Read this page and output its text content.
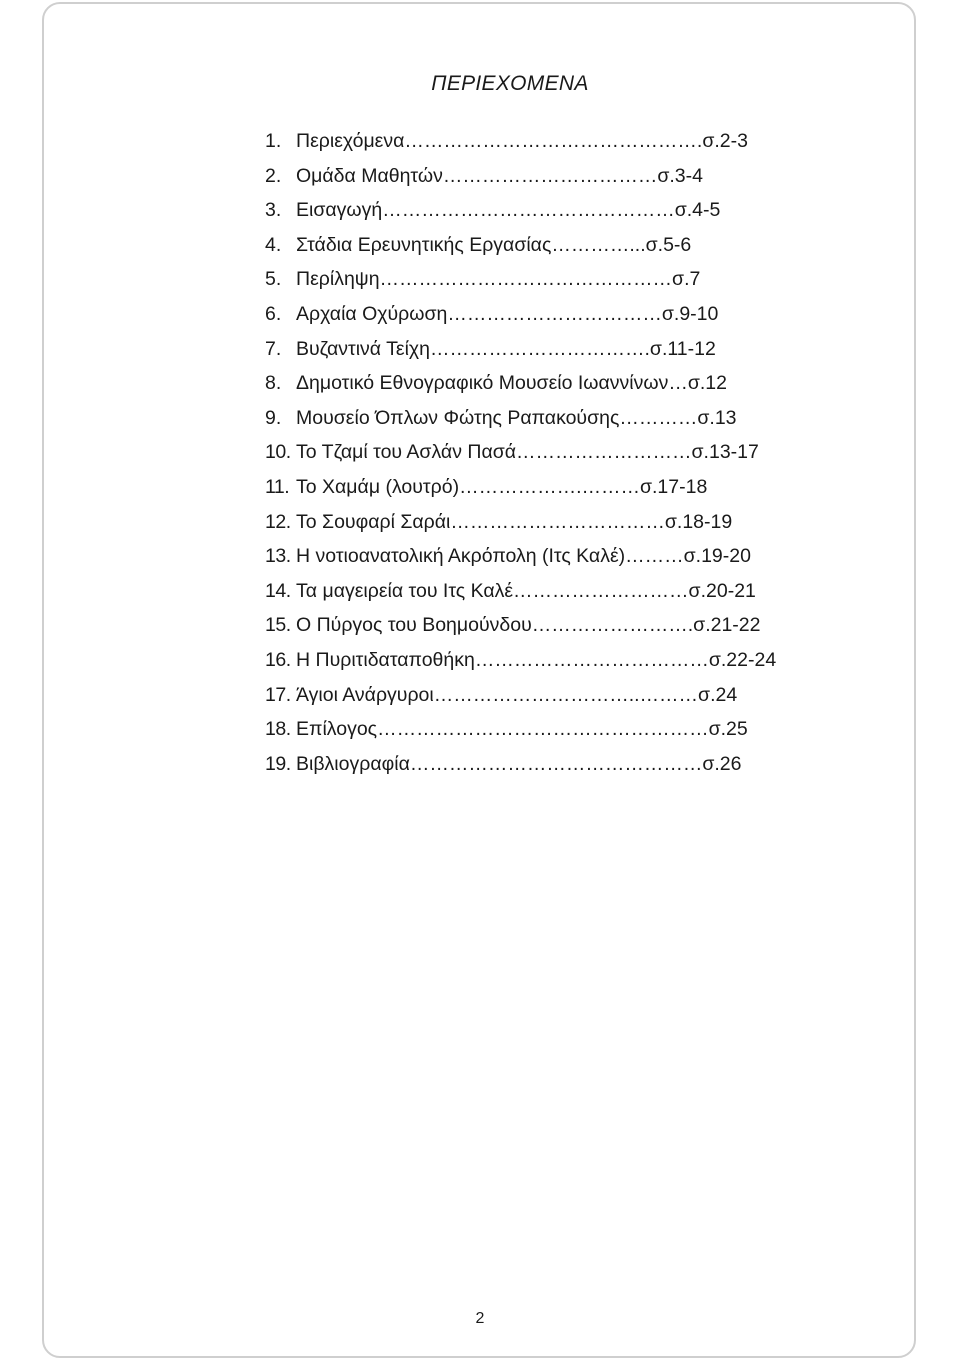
ΠΕΡΙΕΧΟΜΕΝΑ
1. Περιεχόμενα……………………………………….σ.2-3
2. Ομάδα Μαθητών……………………………σ.3-4
3. Εισαγωγή………………………………………σ.4-5
4. Στάδια Ερευνητικής Εργασίας…………...σ.5-6
5. Περίληψη………………………………………σ.7
6. Αρχαία Οχύρωση……………………………σ.9-10
7. Βυζαντινά Τείχη…………………………….σ.11-12
8. Δημοτικό Εθνογραφικό Μουσείο Ιωαννίνων…σ.12
9. Μουσείο Όπλων Φώτης Ραπακούσης…………σ.13
10. Το Τζαμί του Ασλάν Πασά………………………σ.13-17
11. Το Χαμάμ (λουτρό)……………….………σ.17-18
12. Το Σουφαρί Σαράι……………………………σ.18-19
13. Η νοτιοανατολική Ακρόπολη (Ιτς Καλέ)………σ.19-20
14. Τα μαγειρεία του Ιτς Καλέ………………………σ.20-21
15. Ο Πύργος του Βοημούνδου…………………….σ.21-22
16. Η Πυριτιδαταποθήκη………………………………σ.22-24
17. Άγιοι Ανάργυροι…………………………..………σ.24
18. Επίλογος……………………………………………σ.25
19. Βιβλιογραφία………………………………………σ.26
2
